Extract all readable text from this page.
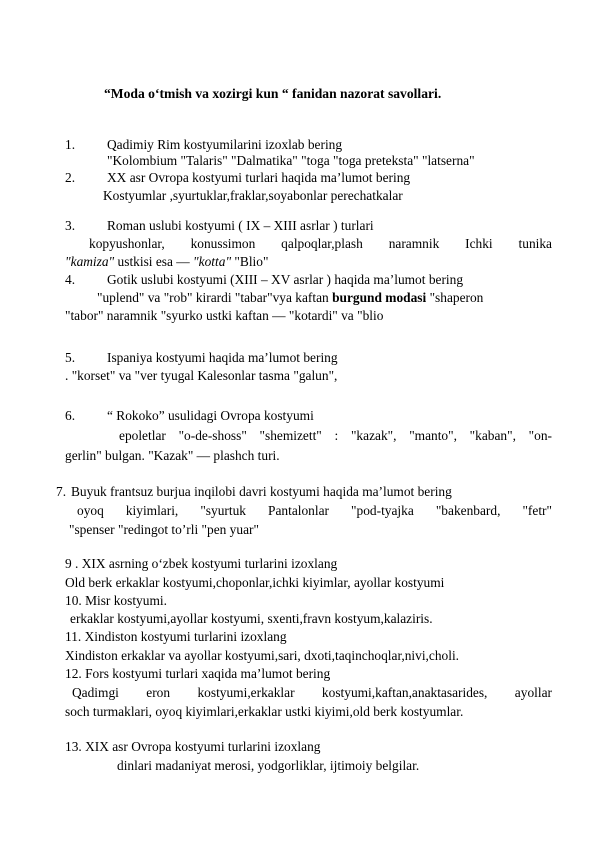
“Moda o‘tmish va xozirgi kun “ fanidan nazorat savollari.
1. Qadimiy Rim kostyumilarini izoxlab bering
"Kolombium "Talaris" "Dalmatika" "toga "toga preteksta" "latserna"
2. XX asr Ovropa kostyumi turlari haqida ma’lumot bering
Kostyumlar ,syurtuklar,fraklar,soyabonlar perechatkalar
3. Roman uslubi kostyumi ( IX – XIII asrlar ) turlari
kopyushonlar, konussimon qalpoqlar,plash naramnik Ichki tunika
"kamiza" ustkisi esa — "kotta" "Blio"
4. Gotik uslubi kostyumi (XIII – XV asrlar ) haqida ma’lumot bering
"uplend" va "rob" kirardi "tabar"vya kaftan burgund modasi "shaperon
"tabor" naramnik "syurko ustki kaftan — "kotardi" va "blio
5. Ispaniya kostyumi haqida ma’lumot bering
. "korset" va "ver tyugal Kalesonlar tasma "galun",
6. “ Rokoko” usulidagi Ovropa kostyumi
epoletlar "o-de-shoss" "shemizett" : "kazak", "manto", "kaban", "on-
gerlin" bulgan. "Kazak" — plashch turi.
7. Buyuk frantsuz burjua inqilobi davri kostyumi haqida ma’lumot bering
oyoq kiyimlari, "syurtuk Pantalonlar "pod-tyajka "bakenbard, "fetr"
"spenser "redingot to’rli "pen yuar"
9 . XIX asrning o‘zbek kostyumi turlarini izoxlang
Old berk erkaklar kostyumi,choponlar,ichki kiyimlar, ayollar kostyumi
10. Misr kostyumi.
erkaklar kostyumi,ayollar kostyumi, sxenti,fravn kostyum,kalaziris.
11. Xindiston kostyumi turlarini izoxlang
Xindiston erkaklar va ayollar kostyumi,sari, dxoti,taqinchoqlar,nivi,choli.
12. Fors kostyumi turlari xaqida ma’lumot bering
Qadimgi eron kostyumi,erkaklar kostyumi,kaftan,anaktasarides, ayollar
soch turmaklari, oyoq kiyimlari,erkaklar ustki kiyimi,old berk kostyumlar.
13. XIX asr Ovropa kostyumi turlarini izoxlang
dinlari madaniyat merosi, yodgorliklar, ijtimoiy belgilar.
